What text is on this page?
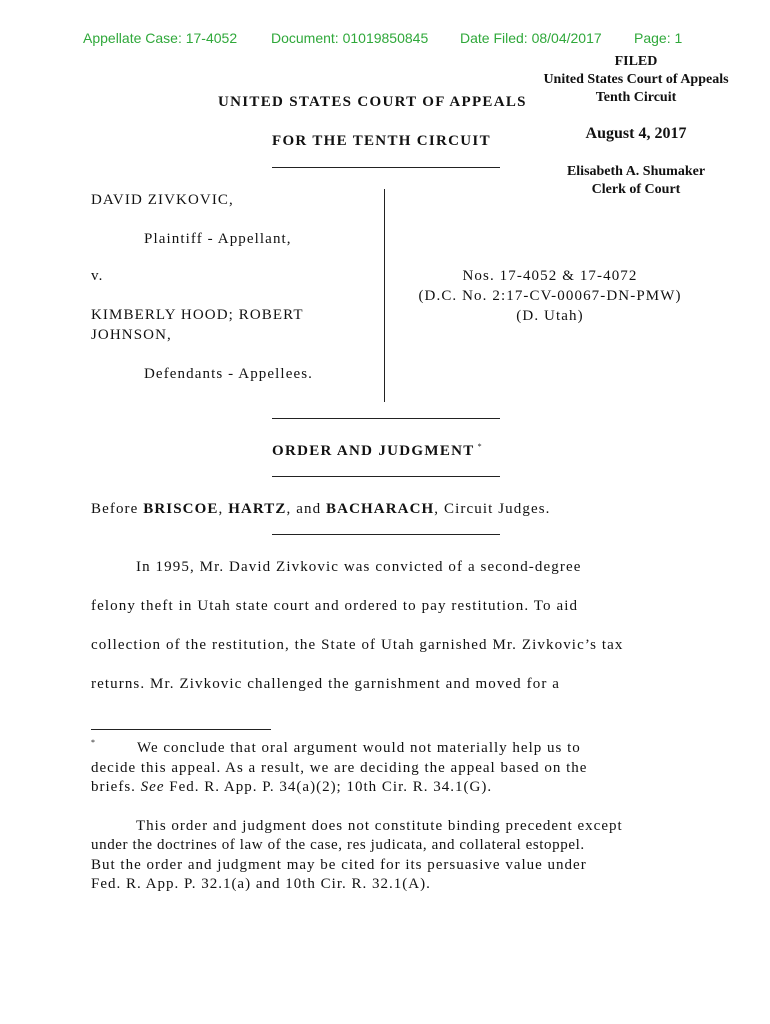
Appellate Case: 17-4052 Document: 01019850845 Date Filed: 08/04/2017 Page: 1
FILED
United States Court of Appeals
Tenth Circuit
August 4, 2017
Elisabeth A. Shumaker
Clerk of Court
UNITED STATES COURT OF APPEALS
FOR THE TENTH CIRCUIT
DAVID ZIVKOVIC,
Plaintiff - Appellant,
v.
KIMBERLY HOOD; ROBERT
JOHNSON,
Defendants - Appellees.
Nos. 17-4052 & 17-4072
(D.C. No. 2:17-CV-00067-DN-PMW)
(D. Utah)
ORDER AND JUDGMENT *
Before BRISCOE, HARTZ, and BACHARACH, Circuit Judges.
In 1995, Mr. David Zivkovic was convicted of a second-degree
felony theft in Utah state court and ordered to pay restitution. To aid
collection of the restitution, the State of Utah garnished Mr. Zivkovic’s tax
returns. Mr. Zivkovic challenged the garnishment and moved for a
*	We conclude that oral argument would not materially help us to
decide this appeal. As a result, we are deciding the appeal based on the
briefs. See Fed. R. App. P. 34(a)(2); 10th Cir. R. 34.1(G).
This order and judgment does not constitute binding precedent except
under the doctrines of law of the case, res judicata, and collateral estoppel.
But the order and judgment may be cited for its persuasive value under
Fed. R. App. P. 32.1(a) and 10th Cir. R. 32.1(A).
